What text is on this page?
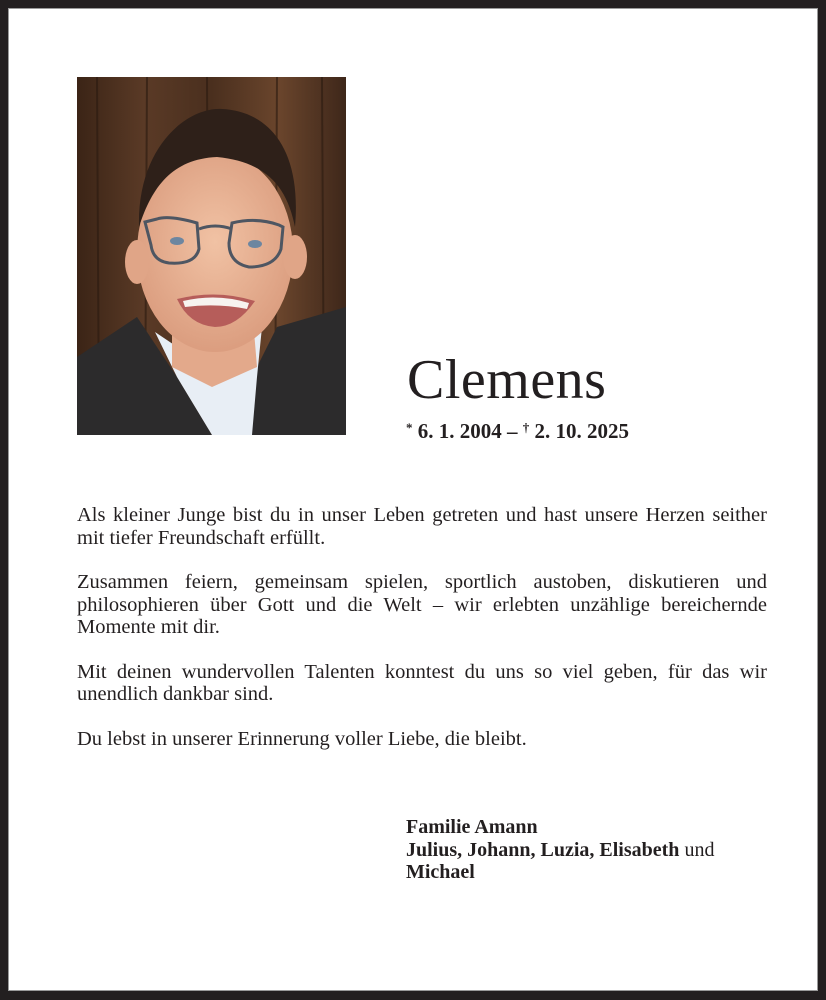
Clemens
* 6. 1. 2004 – † 2. 10. 2025

Als kleiner Junge bist du in unser Leben getreten und hast unsere Herzen seither mit tiefer Freundschaft erfüllt.

Zusammen feiern, gemeinsam spielen, sportlich austoben, diskutieren und philosophieren über Gott und die Welt – wir erlebten unzählige bereichernde Momente mit dir.

Mit deinen wundervollen Talenten konntest du uns so viel geben, für das wir unendlich dankbar sind.

Du lebst in unserer Erinnerung voller Liebe, die bleibt.

Familie Amann
Julius, Johann, Luzia, Elisabeth und
Michael
